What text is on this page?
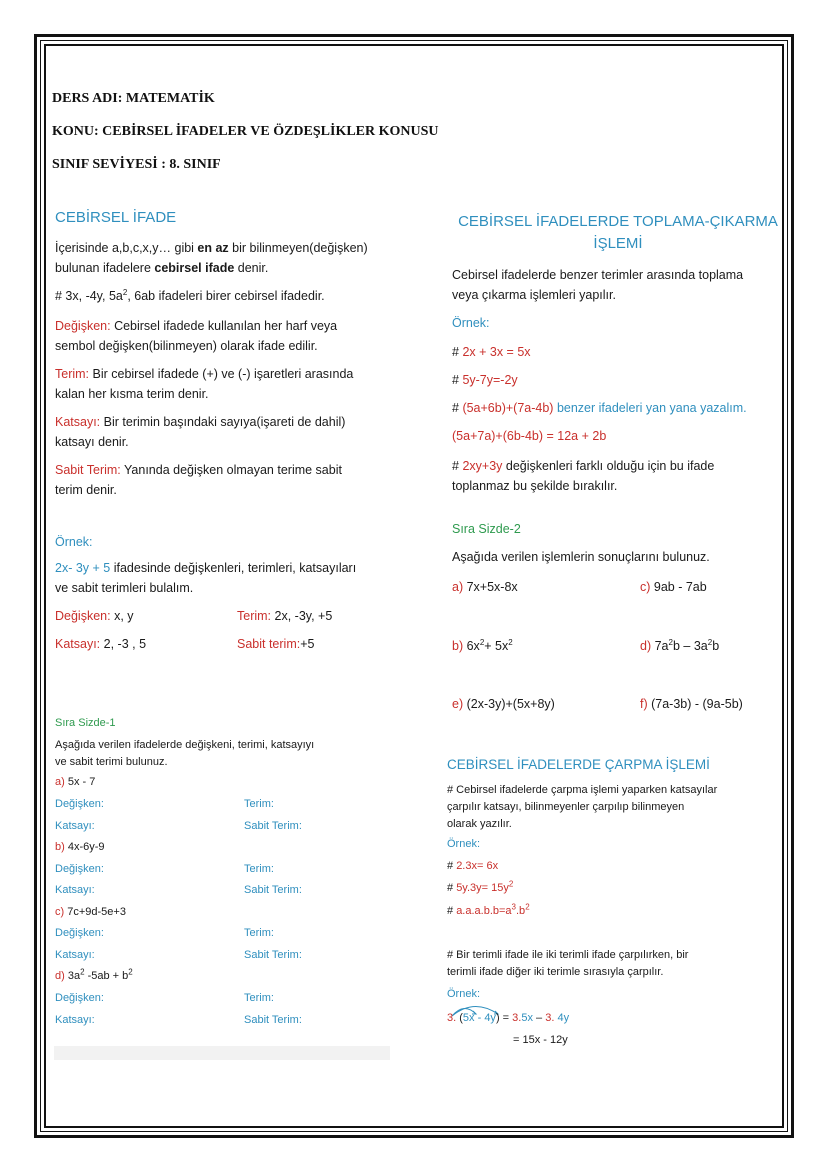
DERS ADI: MATEMATİK
KONU: CEBİRSEL İFADELER VE ÖZDEŞLİKLER KONUSU
SINIF SEVİYESİ : 8. SINIF
CEBİRSEL İFADE
İçerisinde a,b,c,x,y… gibi en az bir bilinmeyen(değişken)
bulunan ifadelere cebirsel ifade denir.
# 3x, -4y, $5a^2$, 6ab ifadeleri birer cebirsel ifadedir.
Değişken: Cebirsel ifadede kullanılan her harf veya
sembol değişken(bilinmeyen) olarak ifade edilir.
Terim: Bir cebirsel ifadede (+) ve (-) işaretleri arasında
kalan her kısma terim denir.
Katsayı: Bir terimin başındaki sayıya(işareti de dahil)
katsayı denir.
Sabit Terim: Yanında değişken olmayan terime sabit
terim denir.
Örnek:
2x- 3y + 5 ifadesinde değişkenleri, terimleri, katsayıları
ve sabit terimleri bulalım.
Değişken: x, y	Terim: 2x, -3y, +5
Katsayı: 2, -3 , 5	Sabit terim:+5
Sıra Sizde-1
Aşağıda verilen ifadelerde değişkeni, terimi, katsayıyı
ve sabit terimi bulunuz.
a) 5x - 7
Değişken:	Terim:
Katsayı:	Sabit Terim:
b) 4x-6y-9
Değişken:	Terim:
Katsayı:	Sabit Terim:
c) 7c+9d-5e+3
Değişken:	Terim:
Katsayı:	Sabit Terim:
d) $3a^2$ $-5ab + b^2$
Değişken:	Terim:
Katsayı:	Sabit Terim:
CEBİRSEL İFADELERDE TOPLAMA-ÇIKARMA
İŞLEMİ
Cebirsel ifadelerde benzer terimler arasında toplama
veya çıkarma işlemleri yapılır.
Örnek:
# 2x + 3x = 5x
# 5y-7y=-2y
# (5a+6b)+(7a-4b) benzer ifadeleri yan yana yazalım.
(5a+7a)+(6b-4b) = 12a + 2b
# 2xy+3y değişkenleri farklı olduğu için bu ifade
toplanmaz bu şekilde bırakılır.
Sıra Sizde-2
Aşağıda verilen işlemlerin sonuçlarını bulunuz.
a) 7x+5x-8x	c) 9ab - 7ab
b) $6x^2+ 5x^2$	d) $7a^2b - 3a^2b$
e) (2x-3y)+(5x+8y)	f) (7a-3b) - (9a-5b)
CEBİRSEL İFADELERDE ÇARPMA İŞLEMİ
# Cebirsel ifadelerde çarpma işlemi yaparken katsayılar
çarpılır katsayı, bilinmeyenler çarpılıp bilinmeyen
olarak yazılır.
Örnek:
# 2.3x= 6x
# $5y.3y= 15y^2$
# $a.a.a.b.b=a^3.b^2$
# Bir terimli ifade ile iki terimli ifade çarpılırken, bir
terimli ifade diğer iki terimle sırasıyla çarpılır.
Örnek:
3. (5x - 4y) = 3.5x – 3. 4y
= 15x - 12y
